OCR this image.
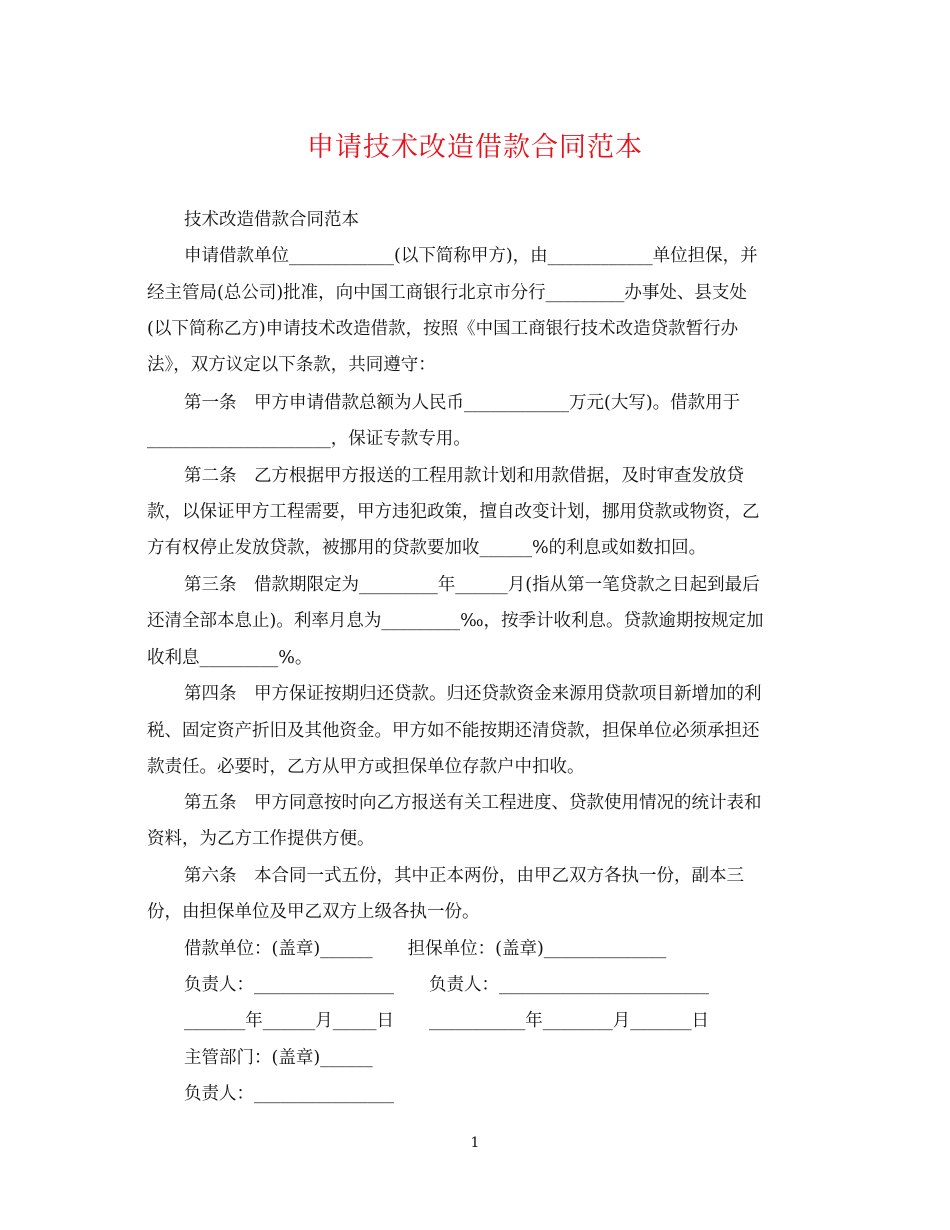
申请技术改造借款合同范本
技术改造借款合同范本
申请借款单位____________(以下简称甲方)，由____________单位担保，并
经主管局(总公司)批准，向中国工商银行北京市分行_________办事处、县支处
(以下简称乙方)申请技术改造借款，按照《中国工商银行技术改造贷款暂行办
法》，双方议定以下条款，共同遵守：
第一条　甲方申请借款总额为人民币____________万元(大写)。借款用于
_____________________，保证专款专用。
第二条　乙方根据甲方报送的工程用款计划和用款借据，及时审查发放贷
款，以保证甲方工程需要，甲方违犯政策，擅自改变计划，挪用贷款或物资，乙
方有权停止发放贷款，被挪用的贷款要加收______%的利息或如数扣回。
第三条　借款期限定为_________年______月(指从第一笔贷款之日起到最后
还清全部本息止)。利率月息为_________‰，按季计收利息。贷款逾期按规定加
收利息_________%。
第四条　甲方保证按期归还贷款。归还贷款资金来源用贷款项目新增加的利
税、固定资产折旧及其他资金。甲方如不能按期还清贷款，担保单位必须承担还
款责任。必要时，乙方从甲方或担保单位存款户中扣收。
第五条　甲方同意按时向乙方报送有关工程进度、贷款使用情况的统计表和
资料，为乙方工作提供方便。
第六条　本合同一式五份，其中正本两份，由甲乙双方各执一份，副本三
份，由担保单位及甲乙双方上级各执一份。
借款单位：(盖章)______　　担保单位：(盖章)______________
负责人：________________　　负责人：________________________
_______年______月_____日　　___________年________月_______日
主管部门：(盖章)______
负责人：________________
1
